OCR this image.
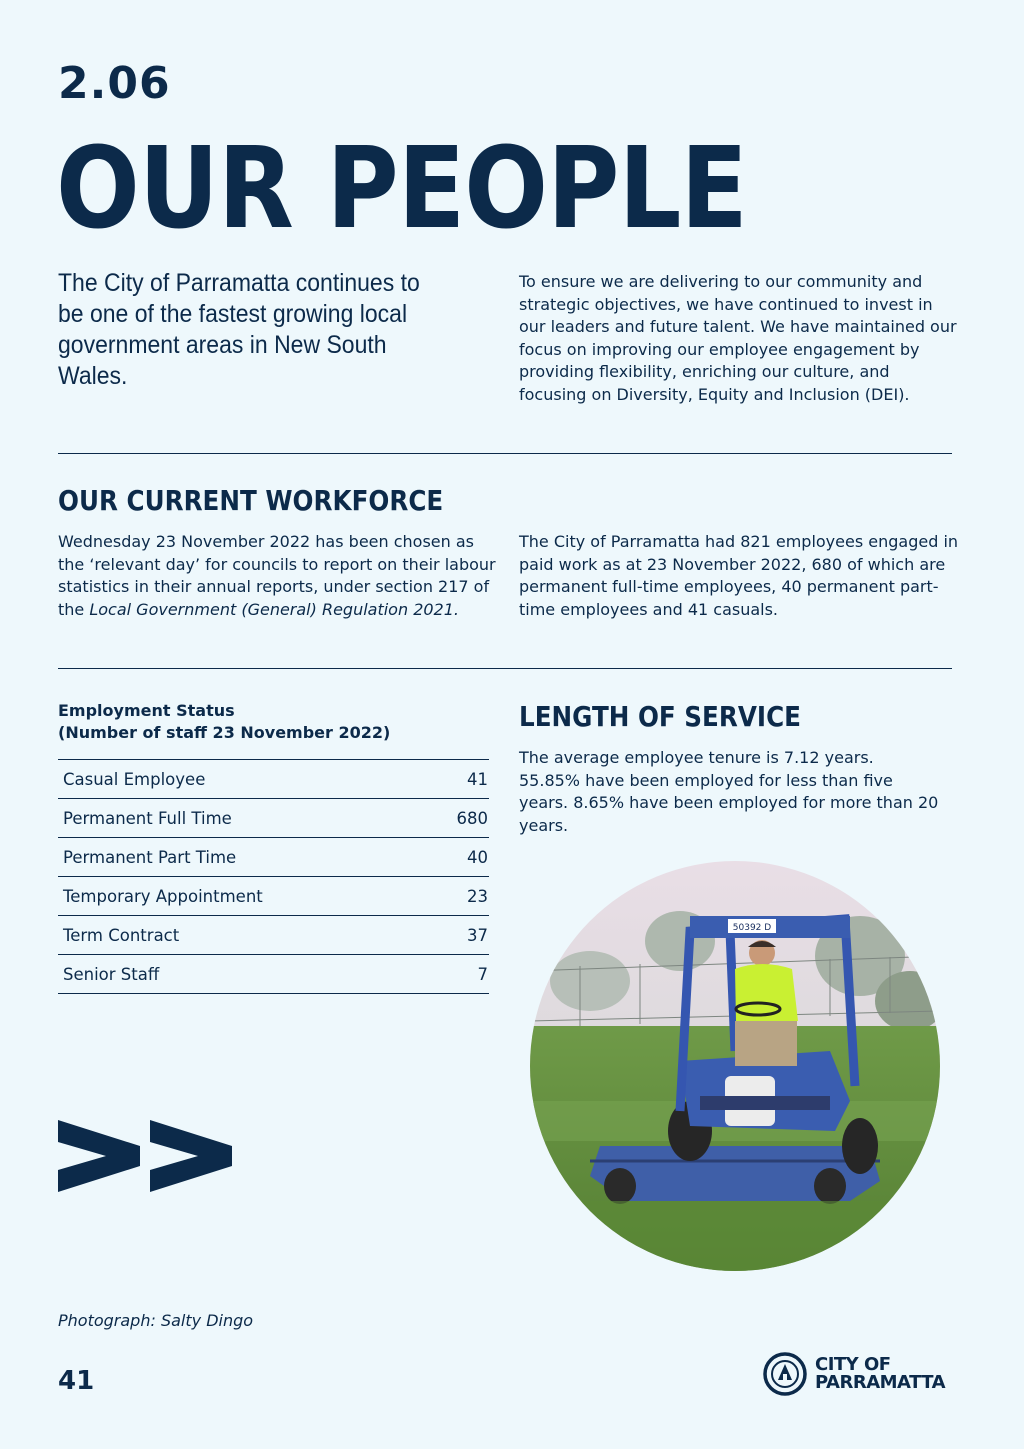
2.06
OUR PEOPLE
The City of Parramatta continues to be one of the fastest growing local government areas in New South Wales.
To ensure we are delivering to our community and strategic objectives, we have continued to invest in our leaders and future talent. We have maintained our focus on improving our employee engagement by providing flexibility, enriching our culture, and focusing on Diversity, Equity and Inclusion (DEI).
OUR CURRENT WORKFORCE
Wednesday 23 November 2022 has been chosen as the ‘relevant day’ for councils to report on their labour statistics in their annual reports, under section 217 of the Local Government (General) Regulation 2021.
The City of Parramatta had 821 employees engaged in paid work as at 23 November 2022, 680 of which are permanent full-time employees, 40 permanent part-time employees and 41 casuals.
Employment Status
(Number of staff 23 November 2022)
Casual Employee	41
Permanent Full Time	680
Permanent Part Time	40
Temporary Appointment	23
Term Contract	37
Senior Staff	7
LENGTH OF SERVICE
The average employee tenure is 7.12 years. 55.85% have been employed for less than five years. 8.65% have been employed for more than 20 years.
50392 D
Photograph: Salty Dingo
41
CITY OF
PARRAMATTA
